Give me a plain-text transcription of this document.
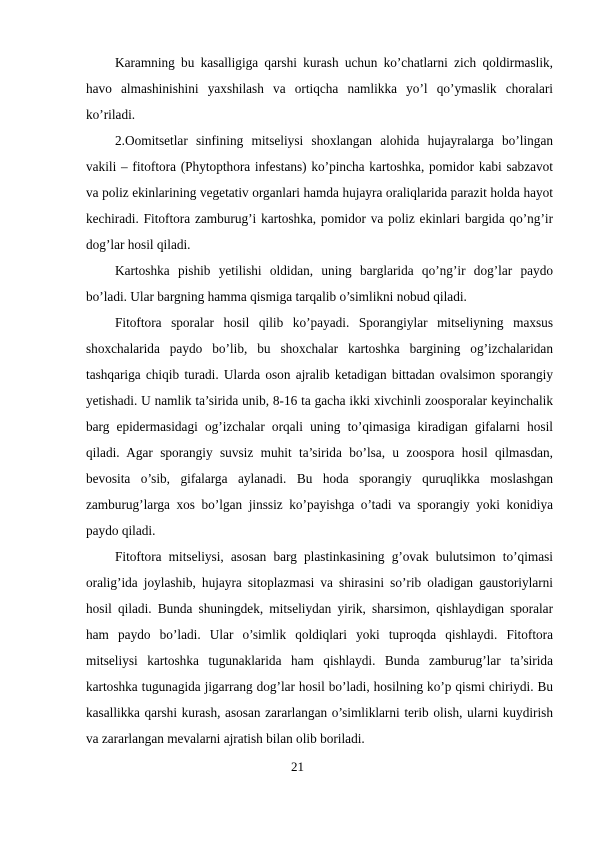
Karamning bu kasalligiga qarshi kurash uchun ko’chatlarni zich qoldirmaslik, havo almashinishini yaxshilash va ortiqcha namlikka yo’l qo’ymaslik choralari ko’riladi.

2.Oomitsetlar sinfining mitseliysi shoxlangan alohida hujayralarga bo’lingan vakili – fitoftora (Phytopthora infestans) ko’pincha kartoshka, pomidor kabi sabzavot va poliz ekinlarining vegetativ organlari hamda hujayra oraliqlarida parazit holda hayot kechiradi. Fitoftora zamburug’i kartoshka, pomidor va poliz ekinlari bargida qo’ng’ir dog’lar hosil qiladi.

Kartoshka pishib yetilishi oldidan, uning barglarida qo’ng’ir dog’lar paydo bo’ladi. Ular bargning hamma qismiga tarqalib o’simlikni nobud qiladi.

Fitoftora sporalar hosil qilib ko’payadi. Sporangiylar mitseliyning maxsus shoxchalarida paydo bo’lib, bu shoxchalar kartoshka bargining og’izchalaridan tashqariga chiqib turadi. Ularda oson ajralib ketadigan bittadan ovalsimon sporangiy yetishadi. U namlik ta’sirida unib, 8-16 ta gacha ikki xivchinli zoosporalar keyinchalik barg epidermasidagi og’izchalar orqali uning to’qimasiga kiradigan gifalarni hosil qiladi. Agar sporangiy suvsiz muhit ta’sirida bo’lsa, u zoospora hosil qilmasdan, bevosita o’sib, gifalarga aylanadi. Bu hoda sporangiy quruqlikka moslashgan zamburug’larga xos bo’lgan jinssiz ko’payishga o’tadi va sporangiy yoki konidiya paydo qiladi.

Fitoftora mitseliysi, asosan barg plastinkasining g’ovak bulutsimon to’qimasi oralig’ida joylashib, hujayra sitoplazmasi va shirasini so’rib oladigan gaustoriylarni hosil qiladi. Bunda shuningdek, mitseliydan yirik, sharsimon, qishlaydigan sporalar ham paydo bo’ladi. Ular o’simlik qoldiqlari yoki tuproqda qishlaydi. Fitoftora mitseliysi kartoshka tugunaklarida ham qishlaydi. Bunda zamburug’lar ta’sirida kartoshka tugunagida jigarrang dog’lar hosil bo’ladi, hosilning ko’p qismi chiriydi. Bu kasallikka qarshi kurash, asosan zararlangan o’simliklarni terib olish, ularni kuydirish va zararlangan mevalarni ajratish bilan olib boriladi.

21
